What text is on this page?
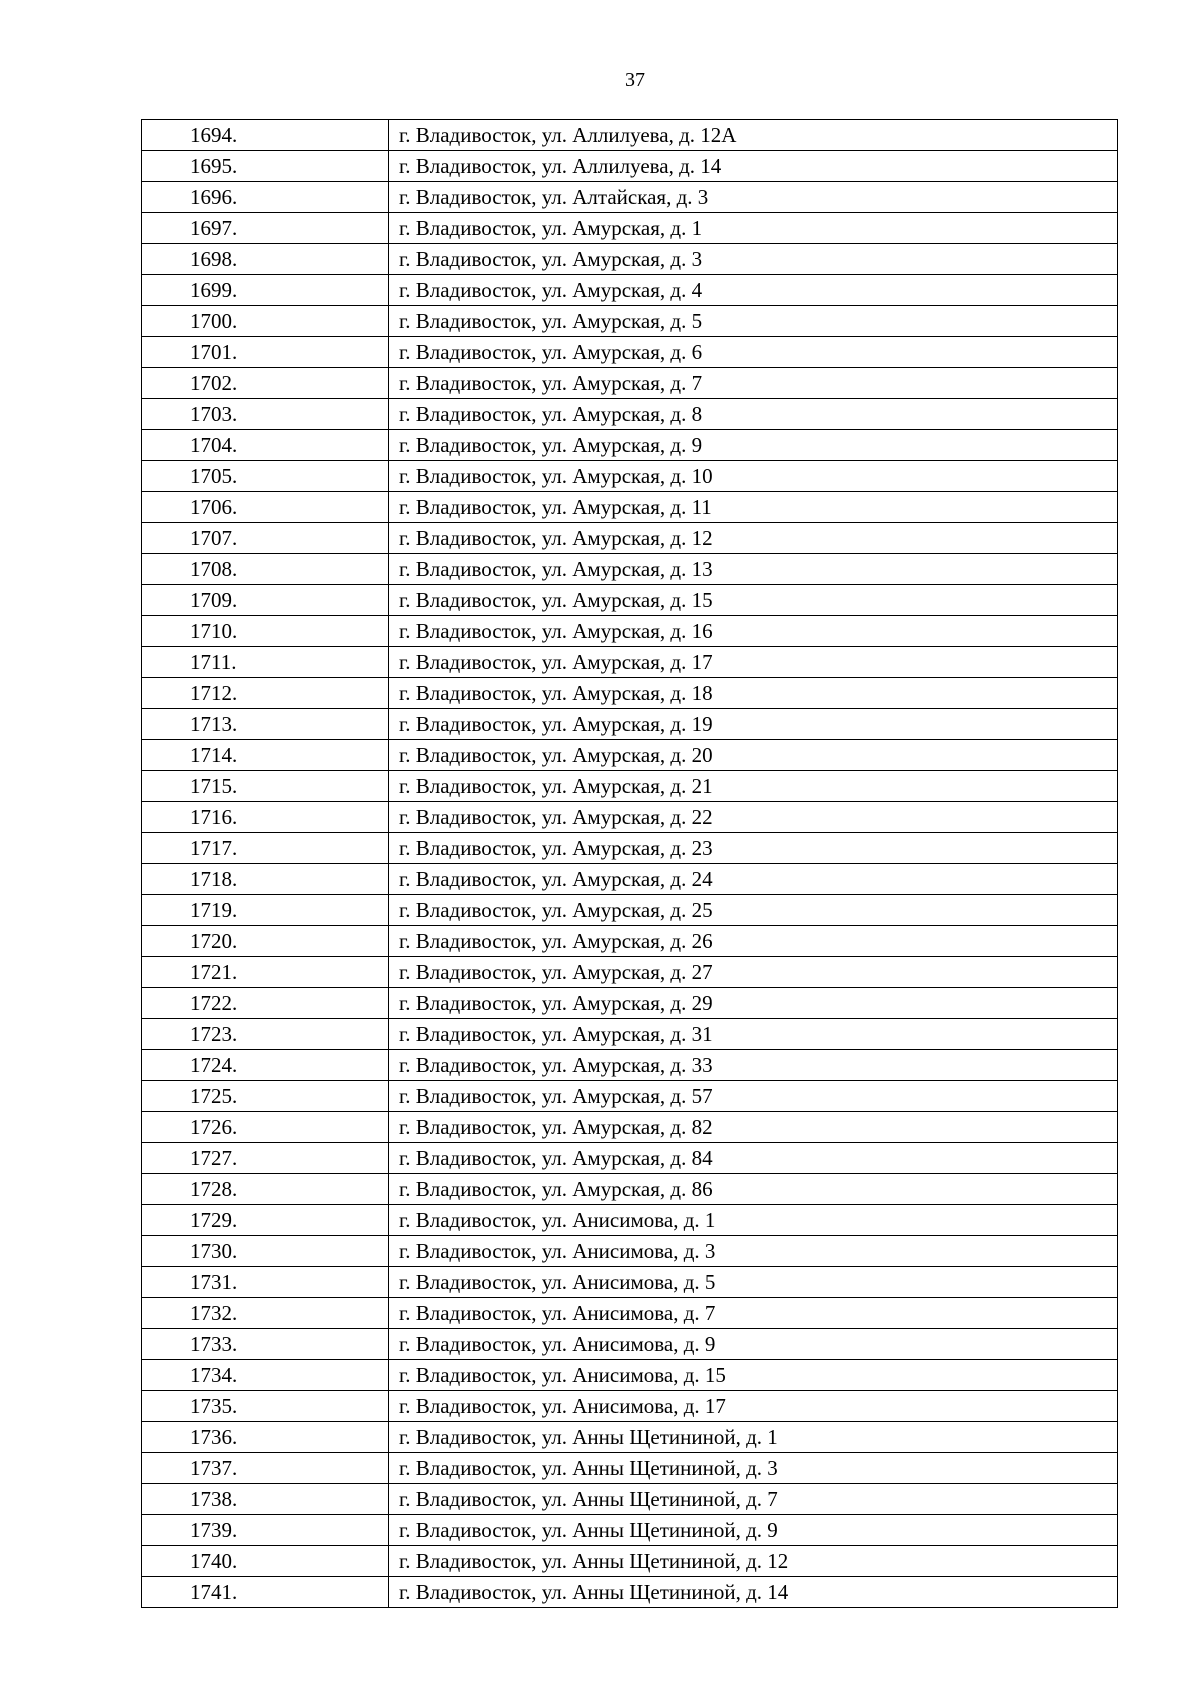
37
1694.	г. Владивосток, ул. Аллилуева, д. 12А
1695.	г. Владивосток, ул. Аллилуева, д. 14
1696.	г. Владивосток, ул. Алтайская, д. 3
1697.	г. Владивосток, ул. Амурская, д. 1
1698.	г. Владивосток, ул. Амурская, д. 3
1699.	г. Владивосток, ул. Амурская, д. 4
1700.	г. Владивосток, ул. Амурская, д. 5
1701.	г. Владивосток, ул. Амурская, д. 6
1702.	г. Владивосток, ул. Амурская, д. 7
1703.	г. Владивосток, ул. Амурская, д. 8
1704.	г. Владивосток, ул. Амурская, д. 9
1705.	г. Владивосток, ул. Амурская, д. 10
1706.	г. Владивосток, ул. Амурская, д. 11
1707.	г. Владивосток, ул. Амурская, д. 12
1708.	г. Владивосток, ул. Амурская, д. 13
1709.	г. Владивосток, ул. Амурская, д. 15
1710.	г. Владивосток, ул. Амурская, д. 16
1711.	г. Владивосток, ул. Амурская, д. 17
1712.	г. Владивосток, ул. Амурская, д. 18
1713.	г. Владивосток, ул. Амурская, д. 19
1714.	г. Владивосток, ул. Амурская, д. 20
1715.	г. Владивосток, ул. Амурская, д. 21
1716.	г. Владивосток, ул. Амурская, д. 22
1717.	г. Владивосток, ул. Амурская, д. 23
1718.	г. Владивосток, ул. Амурская, д. 24
1719.	г. Владивосток, ул. Амурская, д. 25
1720.	г. Владивосток, ул. Амурская, д. 26
1721.	г. Владивосток, ул. Амурская, д. 27
1722.	г. Владивосток, ул. Амурская, д. 29
1723.	г. Владивосток, ул. Амурская, д. 31
1724.	г. Владивосток, ул. Амурская, д. 33
1725.	г. Владивосток, ул. Амурская, д. 57
1726.	г. Владивосток, ул. Амурская, д. 82
1727.	г. Владивосток, ул. Амурская, д. 84
1728.	г. Владивосток, ул. Амурская, д. 86
1729.	г. Владивосток, ул. Анисимова, д. 1
1730.	г. Владивосток, ул. Анисимова, д. 3
1731.	г. Владивосток, ул. Анисимова, д. 5
1732.	г. Владивосток, ул. Анисимова, д. 7
1733.	г. Владивосток, ул. Анисимова, д. 9
1734.	г. Владивосток, ул. Анисимова, д. 15
1735.	г. Владивосток, ул. Анисимова, д. 17
1736.	г. Владивосток, ул. Анны Щетининой, д. 1
1737.	г. Владивосток, ул. Анны Щетининой, д. 3
1738.	г. Владивосток, ул. Анны Щетининой, д. 7
1739.	г. Владивосток, ул. Анны Щетининой, д. 9
1740.	г. Владивосток, ул. Анны Щетининой, д. 12
1741.	г. Владивосток, ул. Анны Щетининой, д. 14
